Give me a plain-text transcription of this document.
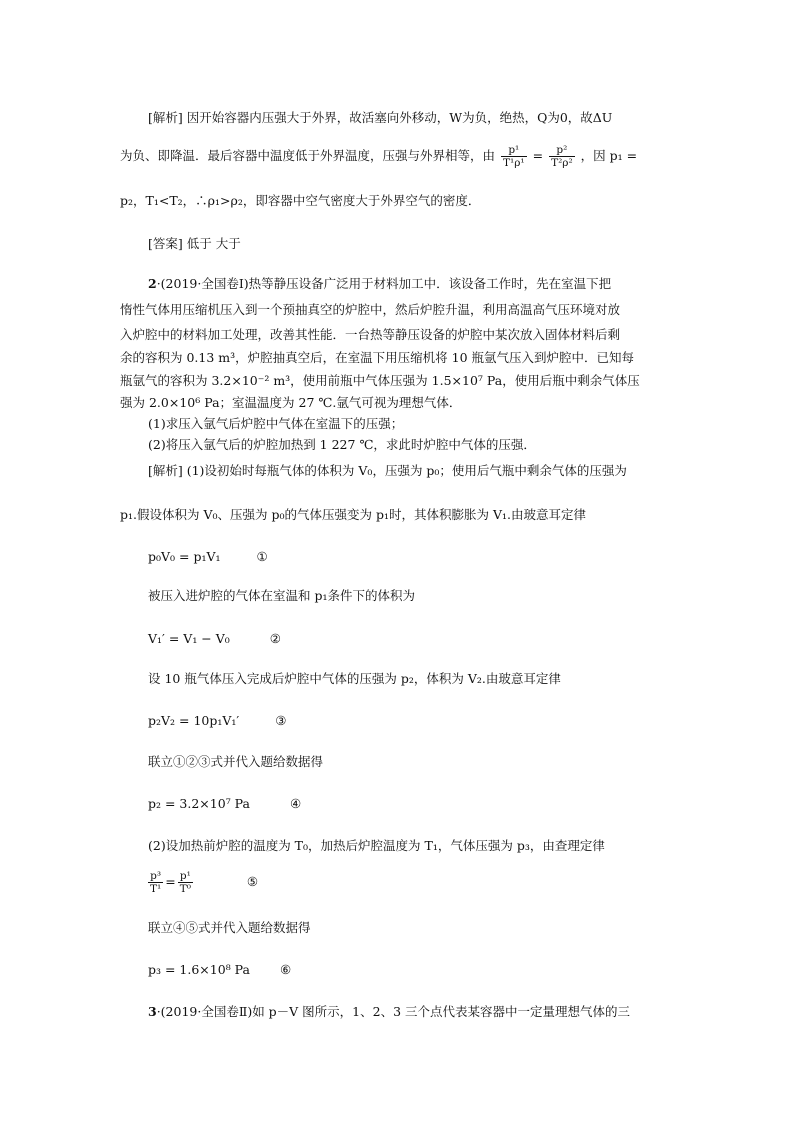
[解析] 因开始容器内压强大于外界，故活塞向外移动，W为负，绝热，Q为0，故ΔU
为负、即降温．最后容器中温度低于外界温度，压强与外界相等，由 $\frac{\text{p¹}}{\text{T¹ρ¹}} = \frac{\text{p²}}{\text{T²ρ²}}$ ，因 p₁ =
p₂，T₁<T₂，∴ρ₁>ρ₂，即容器中空气密度大于外界空气的密度．
[答案] 低于 大于
2·(2019·全国卷Ⅰ)热等静压设备广泛用于材料加工中．该设备工作时，先在室温下把
惰性气体用压缩机压入到一个预抽真空的炉腔中，然后炉腔升温，利用高温高气压环境对放
入炉腔中的材料加工处理，改善其性能．一台热等静压设备的炉腔中某次放入固体材料后剩
余的容积为 0.13 m³，炉腔抽真空后，在室温下用压缩机将 10 瓶氩气压入到炉腔中．已知每
瓶氩气的容积为 3.2×10⁻² m³，使用前瓶中气体压强为 1.5×10⁷ Pa，使用后瓶中剩余气体压
强为 2.0×10⁶ Pa；室温温度为 27 ℃.氩气可视为理想气体．
(1)求压入氩气后炉腔中气体在室温下的压强；
(2)将压入氩气后的炉腔加热到 1 227 ℃，求此时炉腔中气体的压强．
[解析] (1)设初始时每瓶气体的体积为 V₀，压强为 p₀；使用后气瓶中剩余气体的压强为
p₁.假设体积为 V₀、压强为 p₀的气体压强变为 p₁时，其体积膨胀为 V₁.由玻意耳定律
p₀V₀ = p₁V₁	①
被压入进炉腔的气体在室温和 p₁条件下的体积为
V₁′ = V₁ − V₀	②
设 10 瓶气体压入完成后炉腔中气体的压强为 p₂，体积为 V₂.由玻意耳定律
p₂V₂ = 10p₁V₁′	③
联立①②③式并代入题给数据得
p₂ = 3.2×10⁷ Pa	④
(2)设加热前炉腔的温度为 T₀，加热后炉腔温度为 T₁，气体压强为 p₃，由查理定律
$\frac{\text{p³}}{\text{T¹}} = \frac{\text{p¹}}{\text{T⁰}}$	⑤
联立④⑤式并代入题给数据得
p₃ = 1.6×10⁸ Pa ⑥
3·(2019·全国卷Ⅱ)如 p－V 图所示，1、2、3 三个点代表某容器中一定量理想气体的三
